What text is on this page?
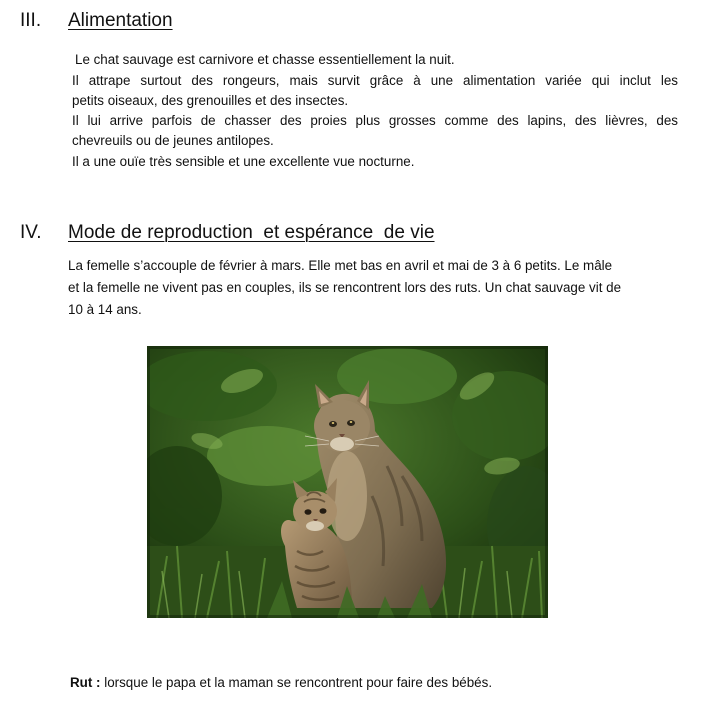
III. Alimentation
Le chat sauvage est carnivore et chasse essentiellement la nuit.
Il attrape surtout des rongeurs, mais survit grâce à une alimentation variée qui inclut les
petits oiseaux, des grenouilles et des insectes.
Il lui arrive parfois de chasser des proies plus grosses comme des lapins, des lièvres, des
chevreuils ou de jeunes antilopes.
Il a une ouïe très sensible et une excellente vue nocturne.
IV. Mode de reproduction  et espérance  de vie
La femelle s’accouple de février à mars. Elle met bas en avril et mai de 3 à 6 petits. Le mâle
et la femelle ne vivent pas en couples, ils se rencontrent lors des ruts. Un chat sauvage vit de
10 à 14 ans.
Rut : lorsque le papa et la maman se rencontrent pour faire des bébés.
